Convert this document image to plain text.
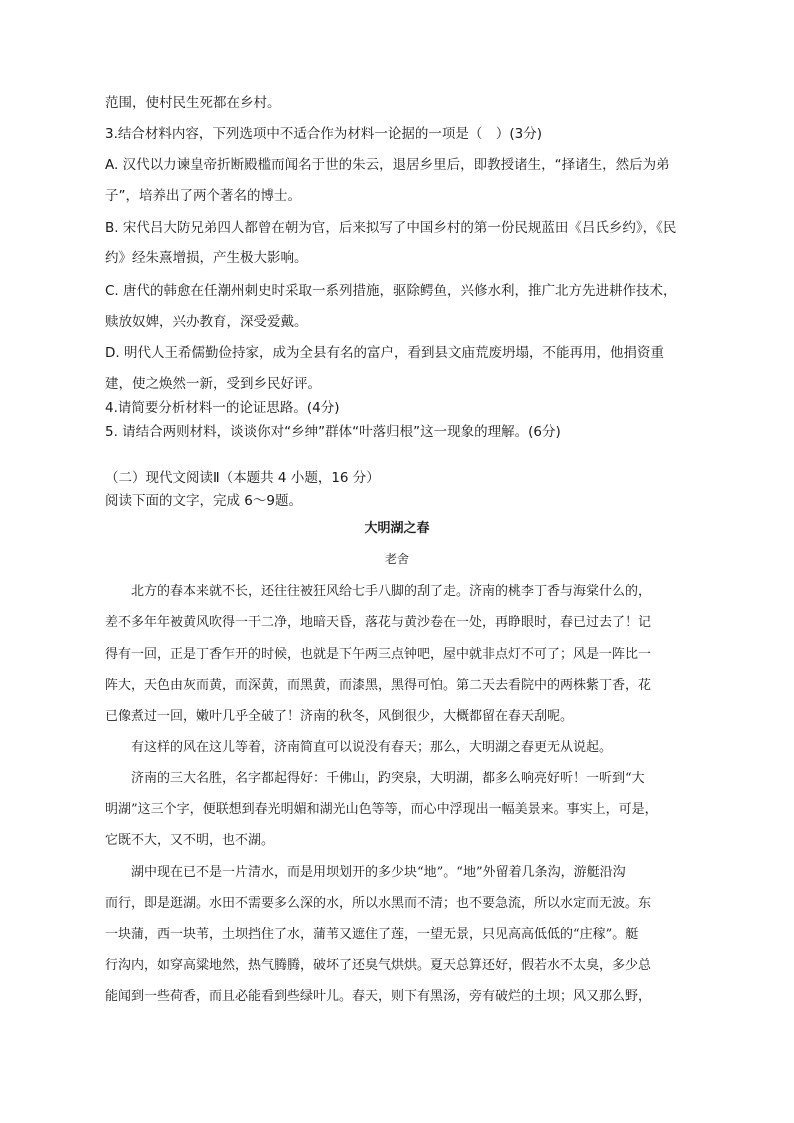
范围，使村民生死都在乡村。
3.结合材料内容，下列选项中不适合作为材料一论据的一项是（　）(3分)
A. 汉代以力谏皇帝折断殿槛而闻名于世的朱云，退居乡里后，即教授诸生，“择诸生，然后为弟
子”，培养出了两个著名的博士。
B. 宋代吕大防兄弟四人都曾在朝为官，后来拟写了中国乡村的第一份民规蓝田《吕氏乡约》，《民
约》经朱熹增损，产生极大影响。
C. 唐代的韩愈在任潮州刺史时采取一系列措施，驱除鳄鱼，兴修水利，推广北方先进耕作技术，
赎放奴婢，兴办教育，深受爱戴。
D. 明代人王希儒勤俭持家，成为全县有名的富户，看到县文庙荒废坍塌，不能再用，他捐资重
建，使之焕然一新，受到乡民好评。
4.请简要分析材料一的论证思路。(4分)
5. 请结合两则材料，谈谈你对“乡绅”群体“叶落归根”这一现象的理解。(6分)
（二）现代文阅读Ⅱ（本题共 4 小题，16 分）
阅读下面的文字，完成 6～9题。
大明湖之春
老舍
北方的春本来就不长，还往往被狂风给七手八脚的刮了走。济南的桃李丁香与海棠什么的，
差不多年年被黄风吹得一干二净，地暗天昏，落花与黄沙卷在一处，再睁眼时，春已过去了！记
得有一回，正是丁香乍开的时候，也就是下午两三点钟吧，屋中就非点灯不可了；风是一阵比一
阵大，天色由灰而黄，而深黄，而黑黄，而漆黑，黑得可怕。第二天去看院中的两株紫丁香，花
已像煮过一回，嫩叶几乎全破了！济南的秋冬，风倒很少，大概都留在春天刮呢。
有这样的风在这儿等着，济南简直可以说没有春天；那么，大明湖之春更无从说起。
济南的三大名胜，名字都起得好：千佛山，趵突泉，大明湖，都多么响亮好听！一听到“大
明湖”这三个字，便联想到春光明媚和湖光山色等等，而心中浮现出一幅美景来。事实上，可是，
它既不大，又不明，也不湖。
湖中现在已不是一片清水，而是用坝划开的多少块“地”。“地”外留着几条沟，游艇沿沟
而行，即是逛湖。水田不需要多么深的水，所以水黑而不清；也不要急流，所以水定而无波。东
一块蒲，西一块苇，土坝挡住了水，蒲苇又遮住了莲，一望无景，只见高高低低的“庄稼”。艇
行沟内，如穿高粱地然，热气腾腾，破坏了还臭气烘烘。夏天总算还好，假若水不太臭，多少总
能闻到一些荷香，而且必能看到些绿叶儿。春天，则下有黑汤，旁有破烂的土坝；风又那么野，
